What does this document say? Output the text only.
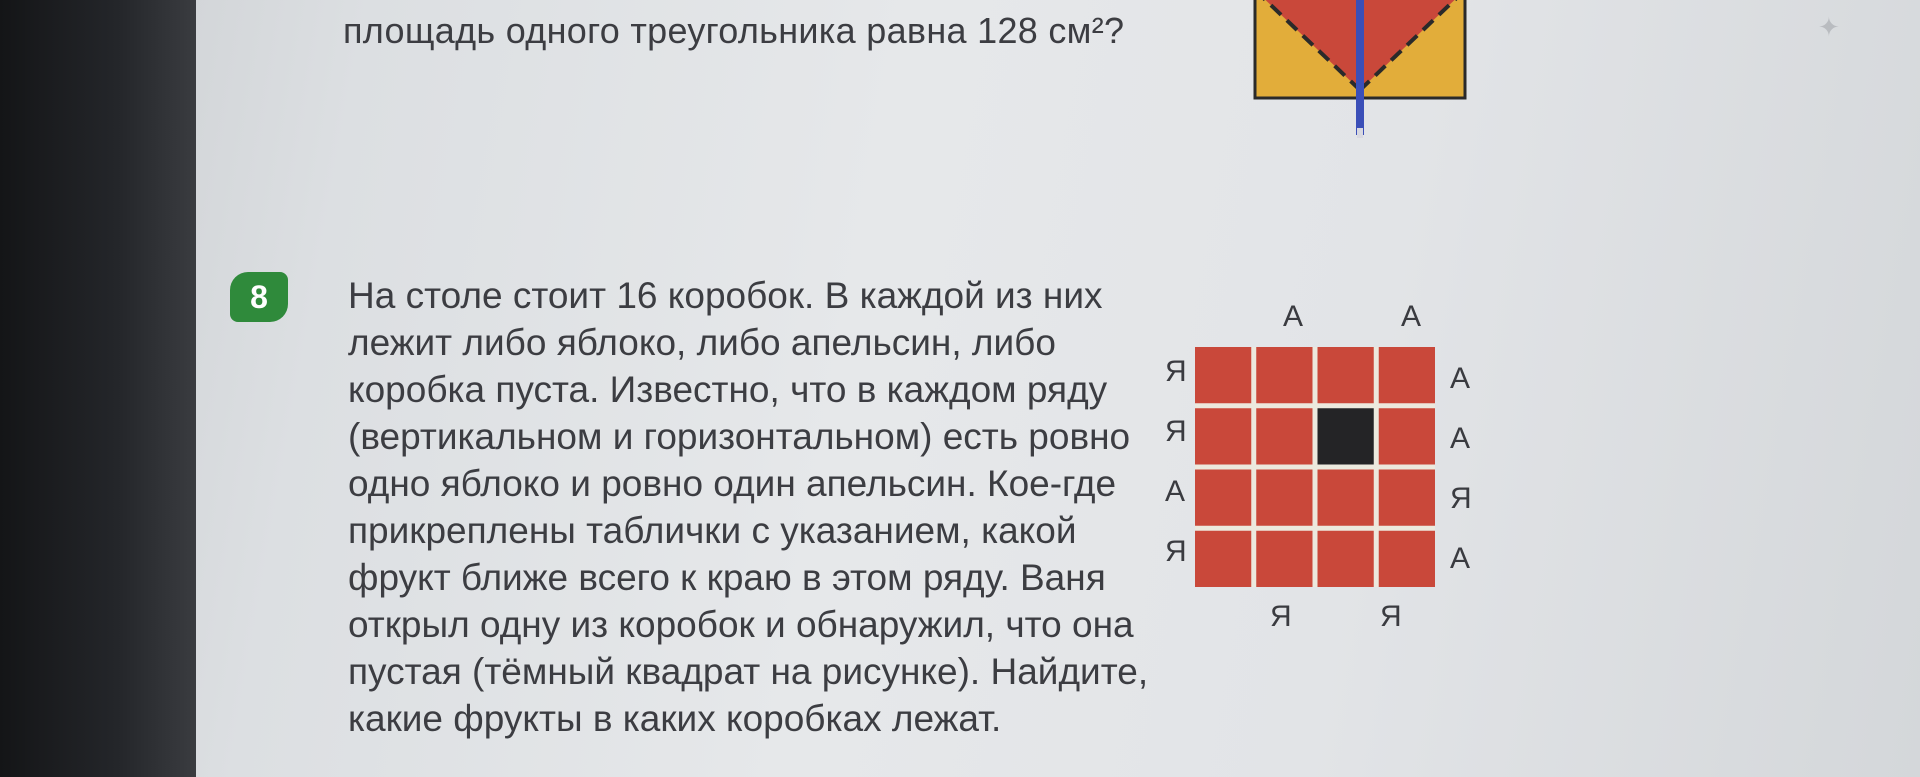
площадь одного треугольника равна 128 см²?
8	На столе стоит 16 коробок. В каждой из них

лежит либо яблоко, либо апельсин, либо

коробка пуста. Известно, что в каждом ряду

(вертикальном и горизонтальном) есть ровно

одно яблоко и ровно один апельсин. Кое-где

прикреплены таблички с указанием, какой

фрукт ближе всего к краю в этом ряду. Ваня

открыл одну из коробок и обнаружил, что она

пустая (тёмный квадрат на рисунке). Найдите,

какие фрукты в каких коробках лежат.

А	А
Я	Я
Я
Я
А
Я
А
А
Я
А
✦
